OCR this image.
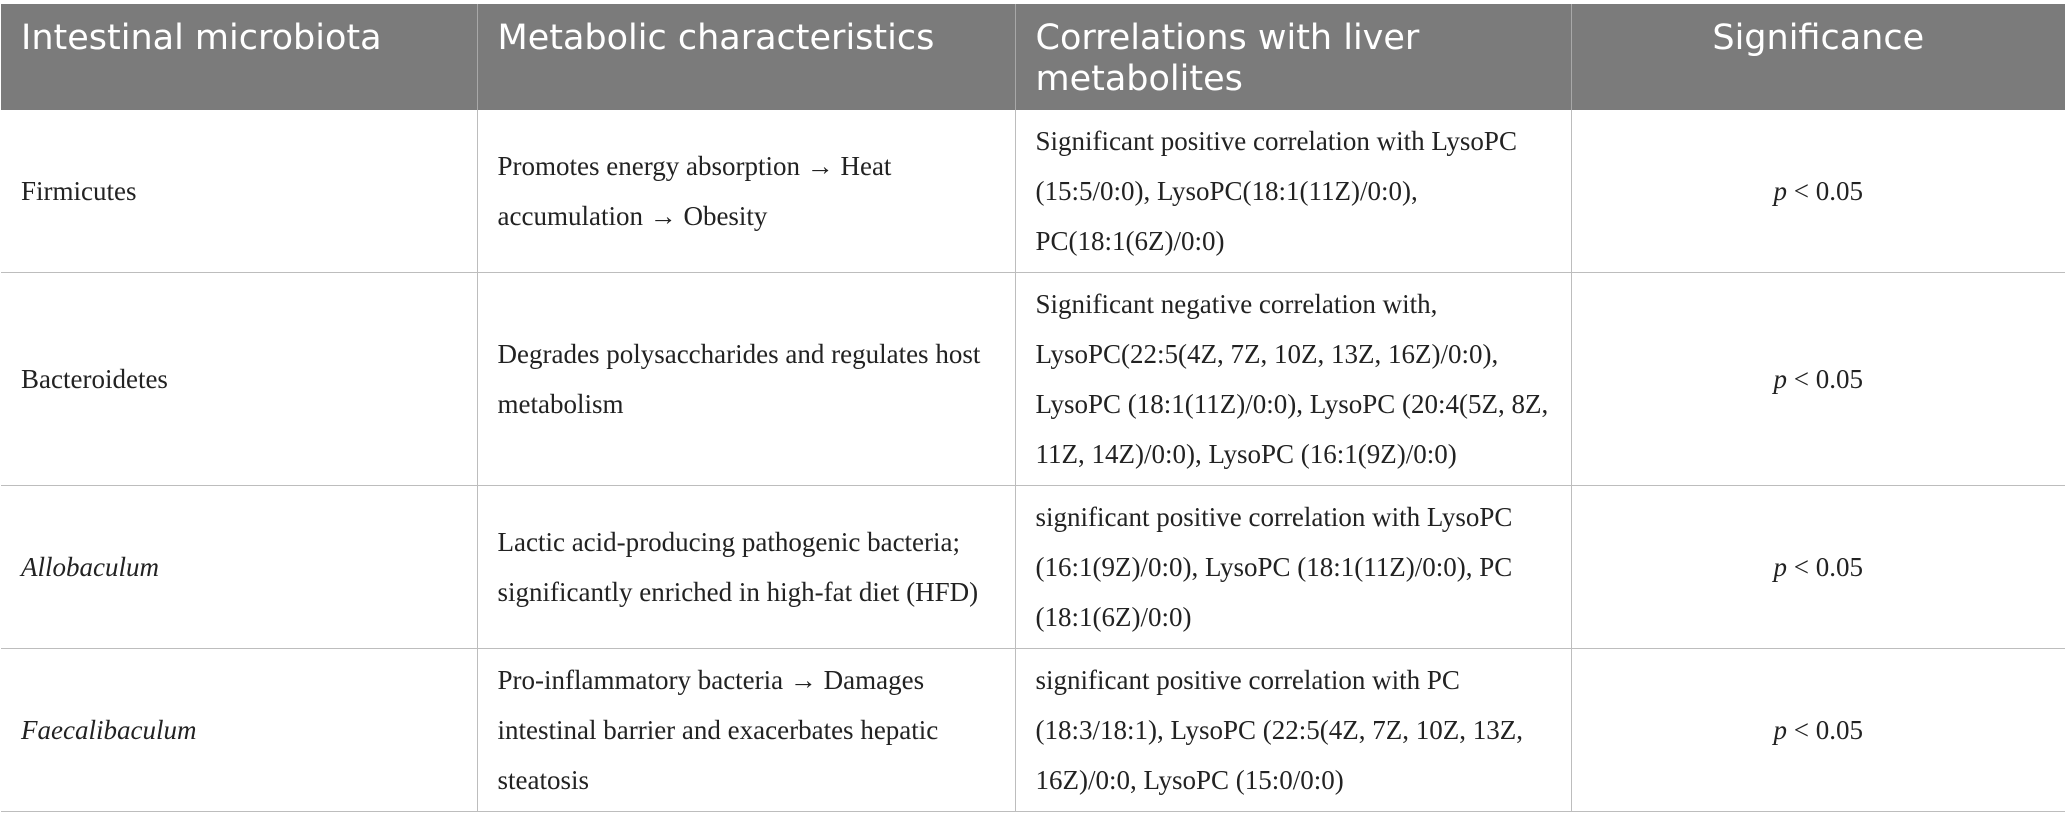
Intestinal microbiota	Metabolic characteristics	Correlations with liver metabolites	Significance
Firmicutes	Promotes energy absorption → Heat accumulation → Obesity	Significant positive correlation with LysoPC (15:5/0:0), LysoPC(18:1(11Z)/0:0), PC(18:1(6Z)/0:0)	p < 0.05
Bacteroidetes	Degrades polysaccharides and regulates host metabolism	Significant negative correlation with, LysoPC(22:5(4Z, 7Z, 10Z, 13Z, 16Z)/0:0), LysoPC (18:1(11Z)/0:0), LysoPC (20:4(5Z, 8Z, 11Z, 14Z)/0:0), LysoPC (16:1(9Z)/0:0)	p < 0.05
Allobaculum	Lactic acid-producing pathogenic bacteria; significantly enriched in high-fat diet (HFD)	significant positive correlation with LysoPC (16:1(9Z)/0:0), LysoPC (18:1(11Z)/0:0), PC (18:1(6Z)/0:0)	p < 0.05
Faecalibaculum	Pro-inflammatory bacteria → Damages intestinal barrier and exacerbates hepatic steatosis	significant positive correlation with PC (18:3/18:1), LysoPC (22:5(4Z, 7Z, 10Z, 13Z, 16Z)/0:0, LysoPC (15:0/0:0)	p < 0.05
